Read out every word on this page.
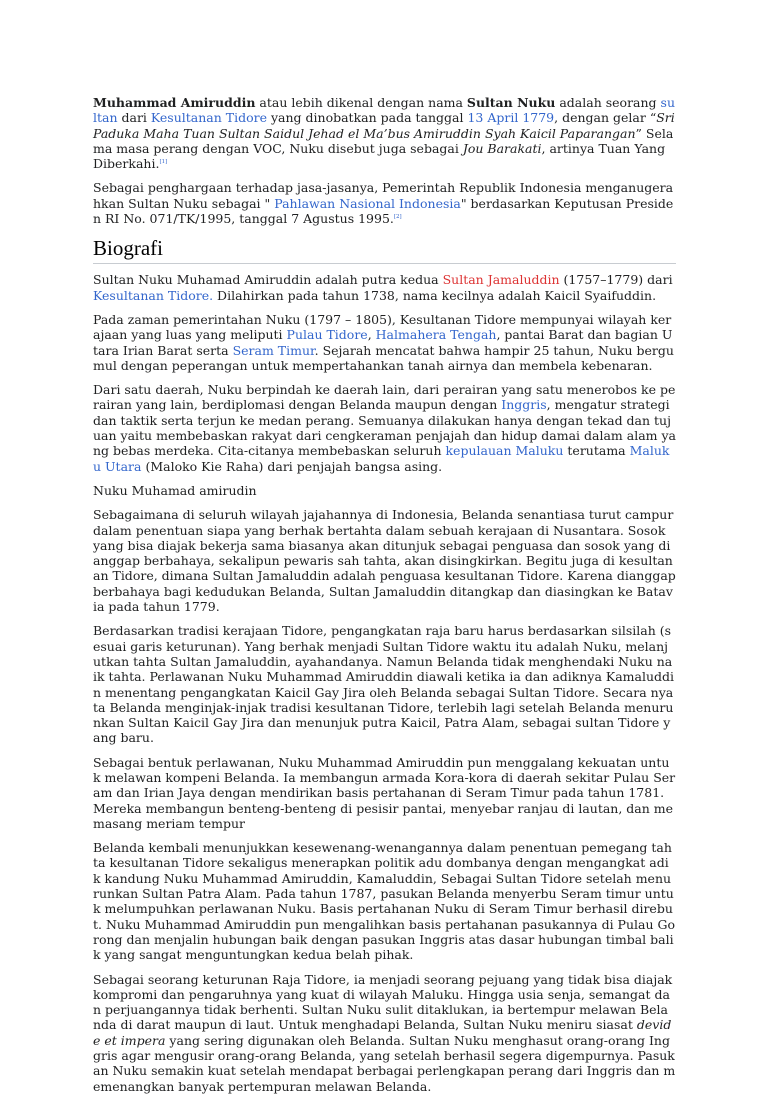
Muhammad Amiruddin atau lebih dikenal dengan nama Sultan Nuku adalah seorang sultan dari Kesultanan Tidore yang dinobatkan pada tanggal 13 April 1779, dengan gelar “Sri Paduka Maha Tuan Sultan Saidul Jehad el Ma’bus Amiruddin Syah Kaicil Paparangan” Selama masa perang dengan VOC, Nuku disebut juga sebagai Jou Barakati, artinya Tuan Yang Diberkahi.[1]

Sebagai penghargaan terhadap jasa-jasanya, Pemerintah Republik Indonesia menganugerahkan Sultan Nuku sebagai " Pahlawan Nasional Indonesia" berdasarkan Keputusan Presiden RI No. 071/TK/1995, tanggal 7 Agustus 1995.[2]

Biografi

Sultan Nuku Muhamad Amiruddin adalah putra kedua Sultan Jamaluddin (1757–1779) dari Kesultanan Tidore. Dilahirkan pada tahun 1738, nama kecilnya adalah Kaicil Syaifuddin.

Pada zaman pemerintahan Nuku (1797 – 1805), Kesultanan Tidore mempunyai wilayah kerajaan yang luas yang meliputi Pulau Tidore, Halmahera Tengah, pantai Barat dan bagian Utara Irian Barat serta Seram Timur. Sejarah mencatat bahwa hampir 25 tahun, Nuku bergumul dengan peperangan untuk mempertahankan tanah airnya dan membela kebenaran.

Dari satu daerah, Nuku berpindah ke daerah lain, dari perairan yang satu menerobos ke perairan yang lain, berdiplomasi dengan Belanda maupun dengan Inggris, mengatur strategi dan taktik serta terjun ke medan perang. Semuanya dilakukan hanya dengan tekad dan tujuan yaitu membebaskan rakyat dari cengkeraman penjajah dan hidup damai dalam alam yang bebas merdeka. Cita-citanya membebaskan seluruh kepulauan Maluku terutama Maluku Utara (Maloko Kie Raha) dari penjajah bangsa asing.

Nuku Muhamad amirudin

Sebagaimana di seluruh wilayah jajahannya di Indonesia, Belanda senantiasa turut campur dalam penentuan siapa yang berhak bertahta dalam sebuah kerajaan di Nusantara. Sosok yang bisa diajak bekerja sama biasanya akan ditunjuk sebagai penguasa dan sosok yang dianggap berbahaya, sekalipun pewaris sah tahta, akan disingkirkan. Begitu juga di kesultanan Tidore, dimana Sultan Jamaluddin adalah penguasa kesultanan Tidore. Karena dianggap berbahaya bagi kedudukan Belanda, Sultan Jamaluddin ditangkap dan diasingkan ke Batavia pada tahun 1779.

Berdasarkan tradisi kerajaan Tidore, pengangkatan raja baru harus berdasarkan silsilah (sesuai garis keturunan). Yang berhak menjadi Sultan Tidore waktu itu adalah Nuku, melanjutkan tahta Sultan Jamaluddin, ayahandanya. Namun Belanda tidak menghendaki Nuku naik tahta. Perlawanan Nuku Muhammad Amiruddin diawali ketika ia dan adiknya Kamaluddin menentang pengangkatan Kaicil Gay Jira oleh Belanda sebagai Sultan Tidore. Secara nyata Belanda menginjak-injak tradisi kesultanan Tidore, terlebih lagi setelah Belanda menurunkan Sultan Kaicil Gay Jira dan menunjuk putra Kaicil, Patra Alam, sebagai sultan Tidore yang baru.

Sebagai bentuk perlawanan, Nuku Muhammad Amiruddin pun menggalang kekuatan untuk melawan kompeni Belanda. Ia membangun armada Kora-kora di daerah sekitar Pulau Seram dan Irian Jaya dengan mendirikan basis pertahanan di Seram Timur pada tahun 1781. Mereka membangun benteng-benteng di pesisir pantai, menyebar ranjau di lautan, dan memasang meriam tempur

Belanda kembali menunjukkan kesewenang-wenangannya dalam penentuan pemegang tahta kesultanan Tidore sekaligus menerapkan politik adu dombanya dengan mengangkat adik kandung Nuku Muhammad Amiruddin, Kamaluddin, Sebagai Sultan Tidore setelah menurunkan Sultan Patra Alam. Pada tahun 1787, pasukan Belanda menyerbu Seram timur untuk melumpuhkan perlawanan Nuku. Basis pertahanan Nuku di Seram Timur berhasil direbut. Nuku Muhammad Amiruddin pun mengalihkan basis pertahanan pasukannya di Pulau Gorong dan menjalin hubungan baik dengan pasukan Inggris atas dasar hubungan timbal balik yang sangat menguntungkan kedua belah pihak.

Sebagai seorang keturunan Raja Tidore, ia menjadi seorang pejuang yang tidak bisa diajak kompromi dan pengaruhnya yang kuat di wilayah Maluku. Hingga usia senja, semangat dan perjuangannya tidak berhenti. Sultan Nuku sulit ditaklukan, ia bertempur melawan Belanda di darat maupun di laut. Untuk menghadapi Belanda, Sultan Nuku meniru siasat devide et impera yang sering digunakan oleh Belanda. Sultan Nuku menghasut orang-orang Inggris agar mengusir orang-orang Belanda, yang setelah berhasil segera digempurnya. Pasukan Nuku semakin kuat setelah mendapat berbagai perlengkapan perang dari Inggris dan memenangkan banyak pertempuran melawan Belanda.
